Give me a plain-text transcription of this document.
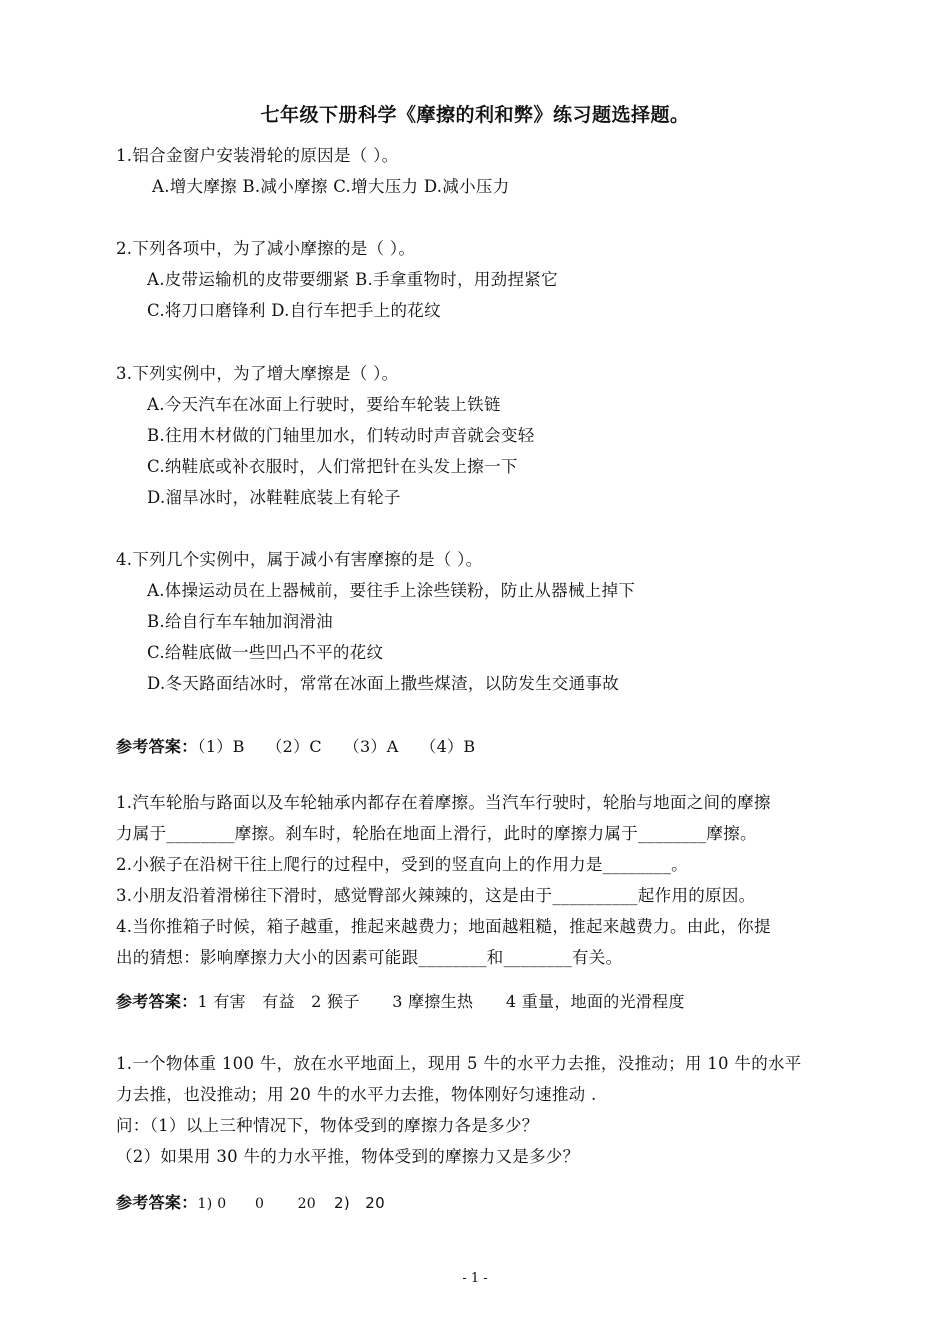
七年级下册科学《摩擦的利和弊》练习题选择题。
1.铝合金窗户安装滑轮的原因是（ ）。
A.增大摩擦 B.减小摩擦 C.增大压力 D.减小压力
2.下列各项中，为了减小摩擦的是（ ）。
A.皮带运输机的皮带要绷紧 B.手拿重物时，用劲捏紧它
C.将刀口磨锋利 D.自行车把手上的花纹
3.下列实例中，为了增大摩擦是（ ）。
A.今天汽车在冰面上行驶时，要给车轮装上铁链
B.往用木材做的门轴里加水，们转动时声音就会变轻
C.纳鞋底或补衣服时，人们常把针在头发上擦一下
D.溜旱冰时，冰鞋鞋底装上有轮子
4.下列几个实例中，属于减小有害摩擦的是（ ）。
A.体操运动员在上器械前，要往手上涂些镁粉，防止从器械上掉下
B.给自行车车轴加润滑油
C.给鞋底做一些凹凸不平的花纹
D.冬天路面结冰时，常常在冰面上撒些煤渣，以防发生交通事故
参考答案：（1）B　 （2）C　 （3）A　 （4）B
1.汽车轮胎与路面以及车轮轴承内都存在着摩擦。当汽车行驶时，轮胎与地面之间的摩擦
力属于________摩擦。刹车时，轮胎在地面上滑行，此时的摩擦力属于________摩擦。
2.小猴子在沿树干往上爬行的过程中，受到的竖直向上的作用力是________。
3.小朋友沿着滑梯往下滑时，感觉臀部火辣辣的，这是由于__________起作用的原因。
4.当你推箱子时候，箱子越重，推起来越费力；地面越粗糙，推起来越费力。由此，你提
出的猜想：影响摩擦力大小的因素可能跟________和________有关。
参考答案：1 有害　有益　2 猴子　　3 摩擦生热　　4 重量，地面的光滑程度
1.一个物体重 100 牛，放在水平地面上，现用 5 牛的水平力去推，没推动；用 10 牛的水平
力去推，也没推动；用 20 牛的水平力去推，物体刚好匀速推动 .
问：（1）以上三种情况下，物体受到的摩擦力各是多少？
（2）如果用 30 牛的力水平推，物体受到的摩擦力又是多少？
参考答案：1) 0　　0　　 20 2)　20
- 1 -
